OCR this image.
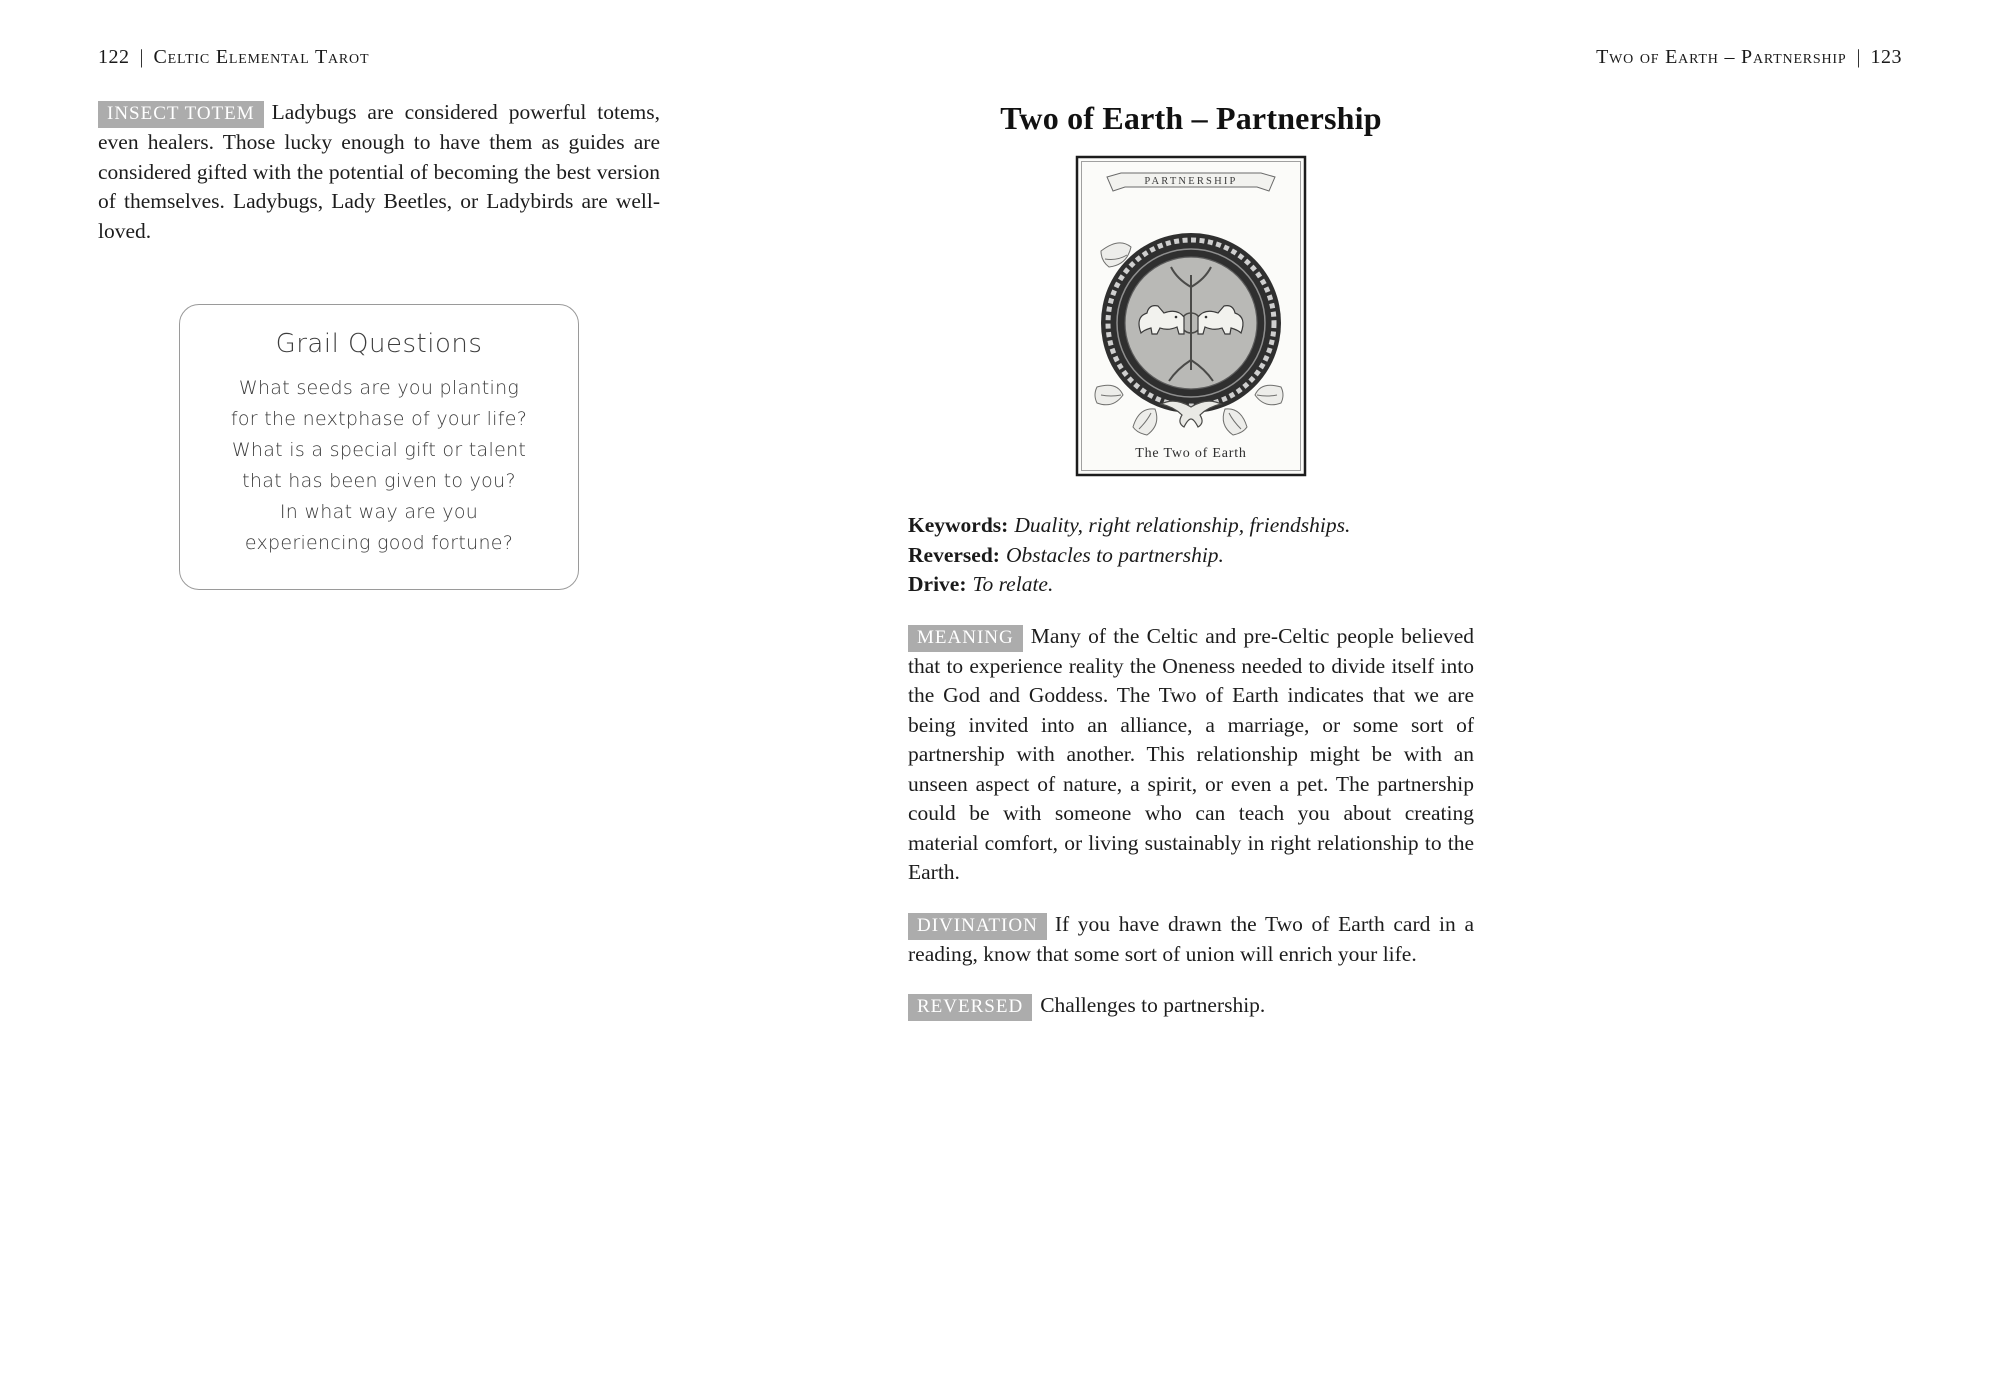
122 | Celtic Elemental Tarot	Two of Earth – Partnership | 123

INSECT TOTEM Ladybugs are considered powerful totems, even healers. Those lucky enough to have them as guides are considered gifted with the potential of becoming the best version of themselves. Ladybugs, Lady Beetles, or Ladybirds are well-loved.

Grail Questions
What seeds are you planting
for the nextphase of your life?
What is a special gift or talent
that has been given to you?
In what way are you
experiencing good fortune?
Two of Earth – Partnership
PARTNERSHIP
The Two of Earth

Keywords: Duality, right relationship, friendships.

Reversed: Obstacles to partnership.

Drive: To relate.

MEANING Many of the Celtic and pre-Celtic people believed that to experience reality the Oneness needed to divide itself into the God and Goddess. The Two of Earth indicates that we are being invited into an alliance, a marriage, or some sort of partnership with another. This relationship might be with an unseen aspect of nature, a spirit, or even a pet. The partnership could be with someone who can teach you about creating material comfort, or living sustainably in right relationship to the Earth.

DIVINATION If you have drawn the Two of Earth card in a reading, know that some sort of union will enrich your life.

REVERSED Challenges to partnership.
